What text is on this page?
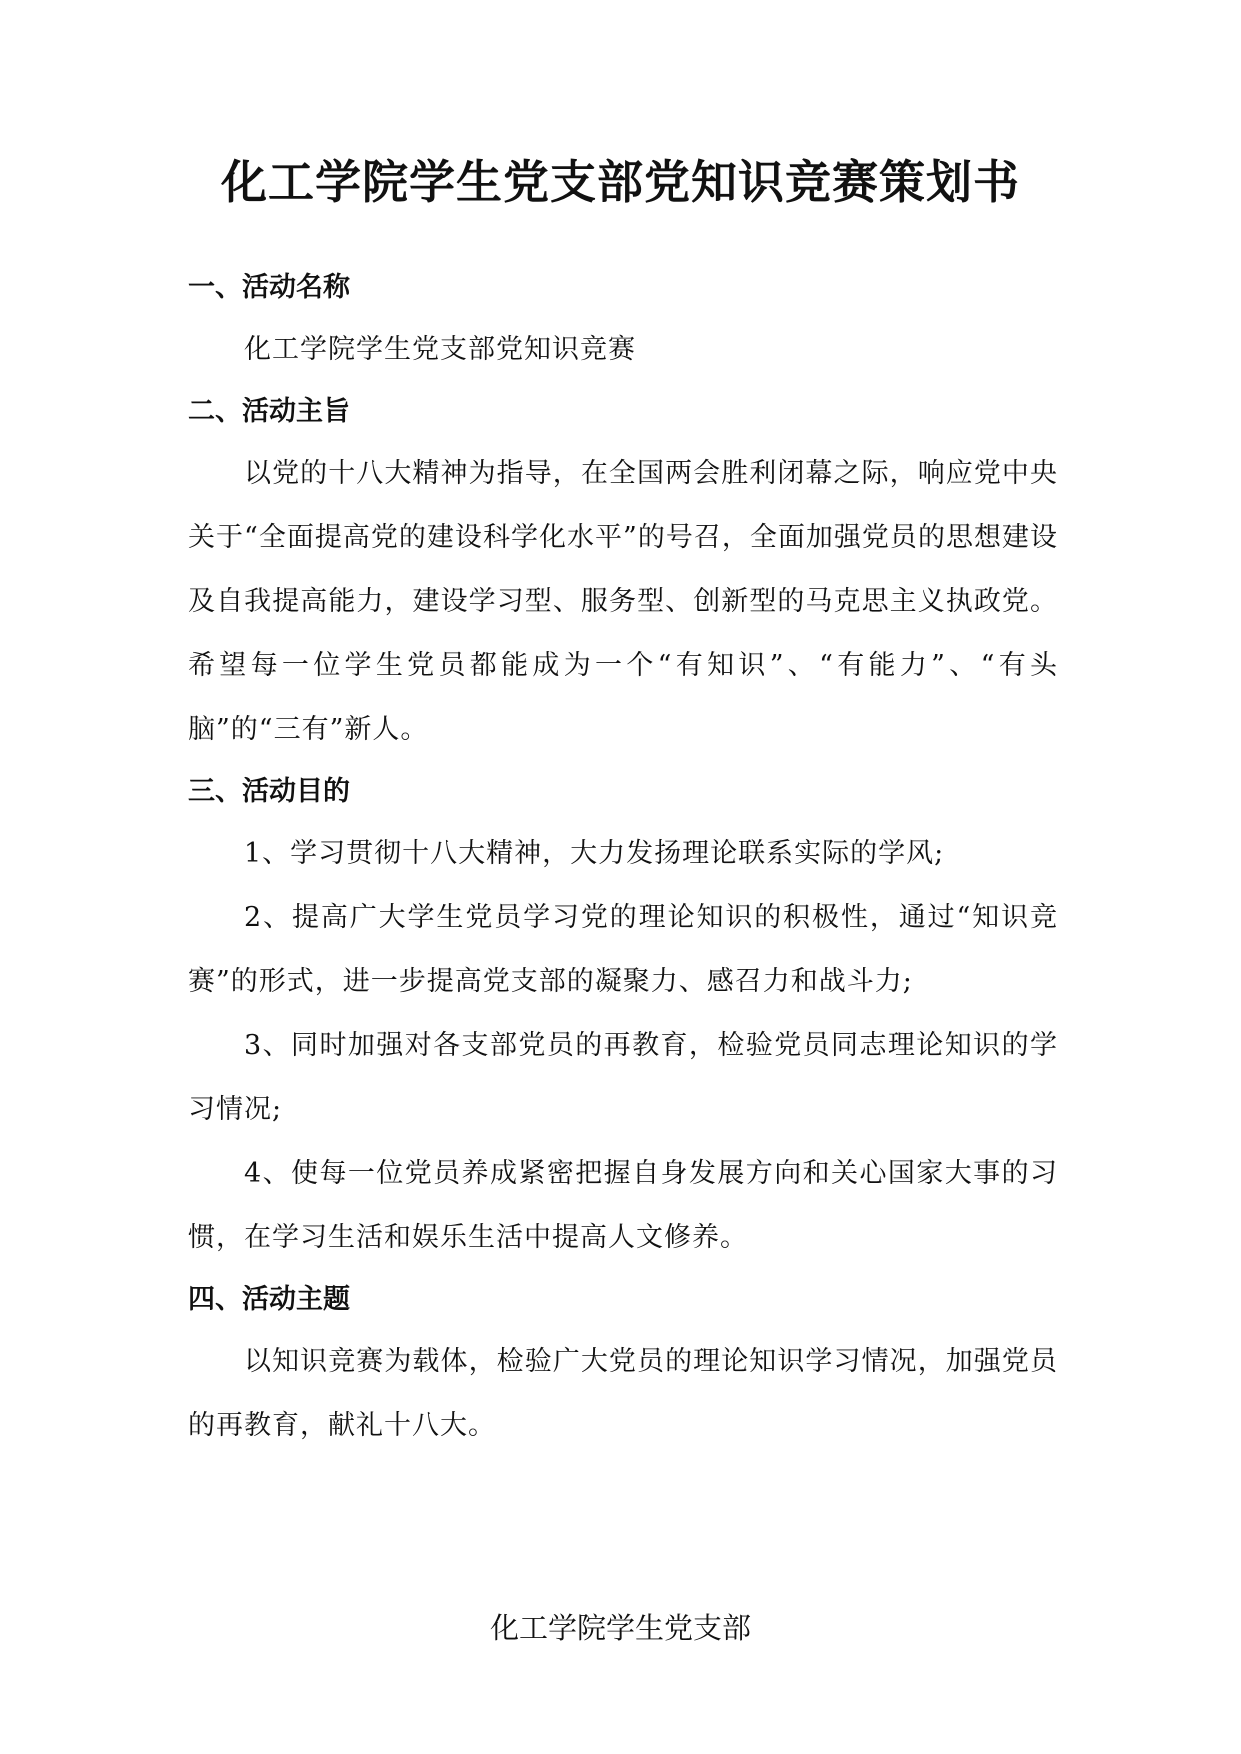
化工学院学生党支部党知识竞赛策划书
一、活动名称

化工学院学生党支部党知识竞赛

二、活动主旨

以党的十八大精神为指导，在全国两会胜利闭幕之际，响应党中央关于“全面提高党的建设科学化水平”的号召，全面加强党员的思想建设及自我提高能力，建设学习型、服务型、创新型的马克思主义执政党。希望每一位学生党员都能成为一个“有知识”、“有能力”、“有头脑”的“三有”新人。

三、活动目的

1、学习贯彻十八大精神，大力发扬理论联系实际的学风;

2、提高广大学生党员学习党的理论知识的积极性，通过“知识竞赛”的形式，进一步提高党支部的凝聚力、感召力和战斗力;

3、同时加强对各支部党员的再教育，检验党员同志理论知识的学习情况;

4、使每一位党员养成紧密把握自身发展方向和关心国家大事的习惯，在学习生活和娱乐生活中提高人文修养。

四、活动主题

以知识竞赛为载体，检验广大党员的理论知识学习情况，加强党员的再教育，献礼十八大。

化工学院学生党支部
